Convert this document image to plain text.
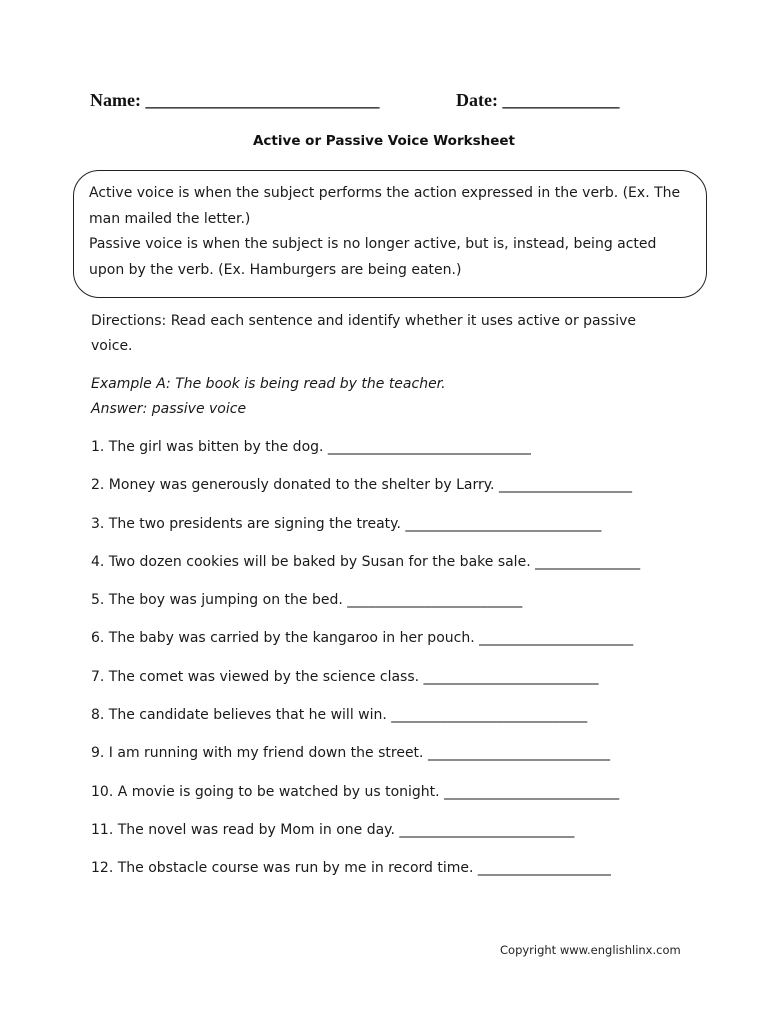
Name: __________________________	Date: _____________
Active or Passive Voice Worksheet

Active voice is when the subject performs the action expressed in the verb. (Ex. The man mailed the letter.)

Passive voice is when the subject is no longer active, but is, instead, being acted upon by the verb. (Ex. Hamburgers are being eaten.)

Directions: Read each sentence and identify whether it uses active or passive voice.
Example A: The book is being read by the teacher.
Answer: passive voice
1. The girl was bitten by the dog. _____________________________
2. Money was generously donated to the shelter by Larry. ___________________
3. The two presidents are signing the treaty. ____________________________
4. Two dozen cookies will be baked by Susan for the bake sale. _______________
5. The boy was jumping on the bed. _________________________
6. The baby was carried by the kangaroo in her pouch. ______________________
7. The comet was viewed by the science class. _________________________
8. The candidate believes that he will win. ____________________________
9. I am running with my friend down the street. __________________________
10. A movie is going to be watched by us tonight. _________________________
11. The novel was read by Mom in one day. _________________________
12. The obstacle course was run by me in record time. ___________________
Copyright www.englishlinx.com
